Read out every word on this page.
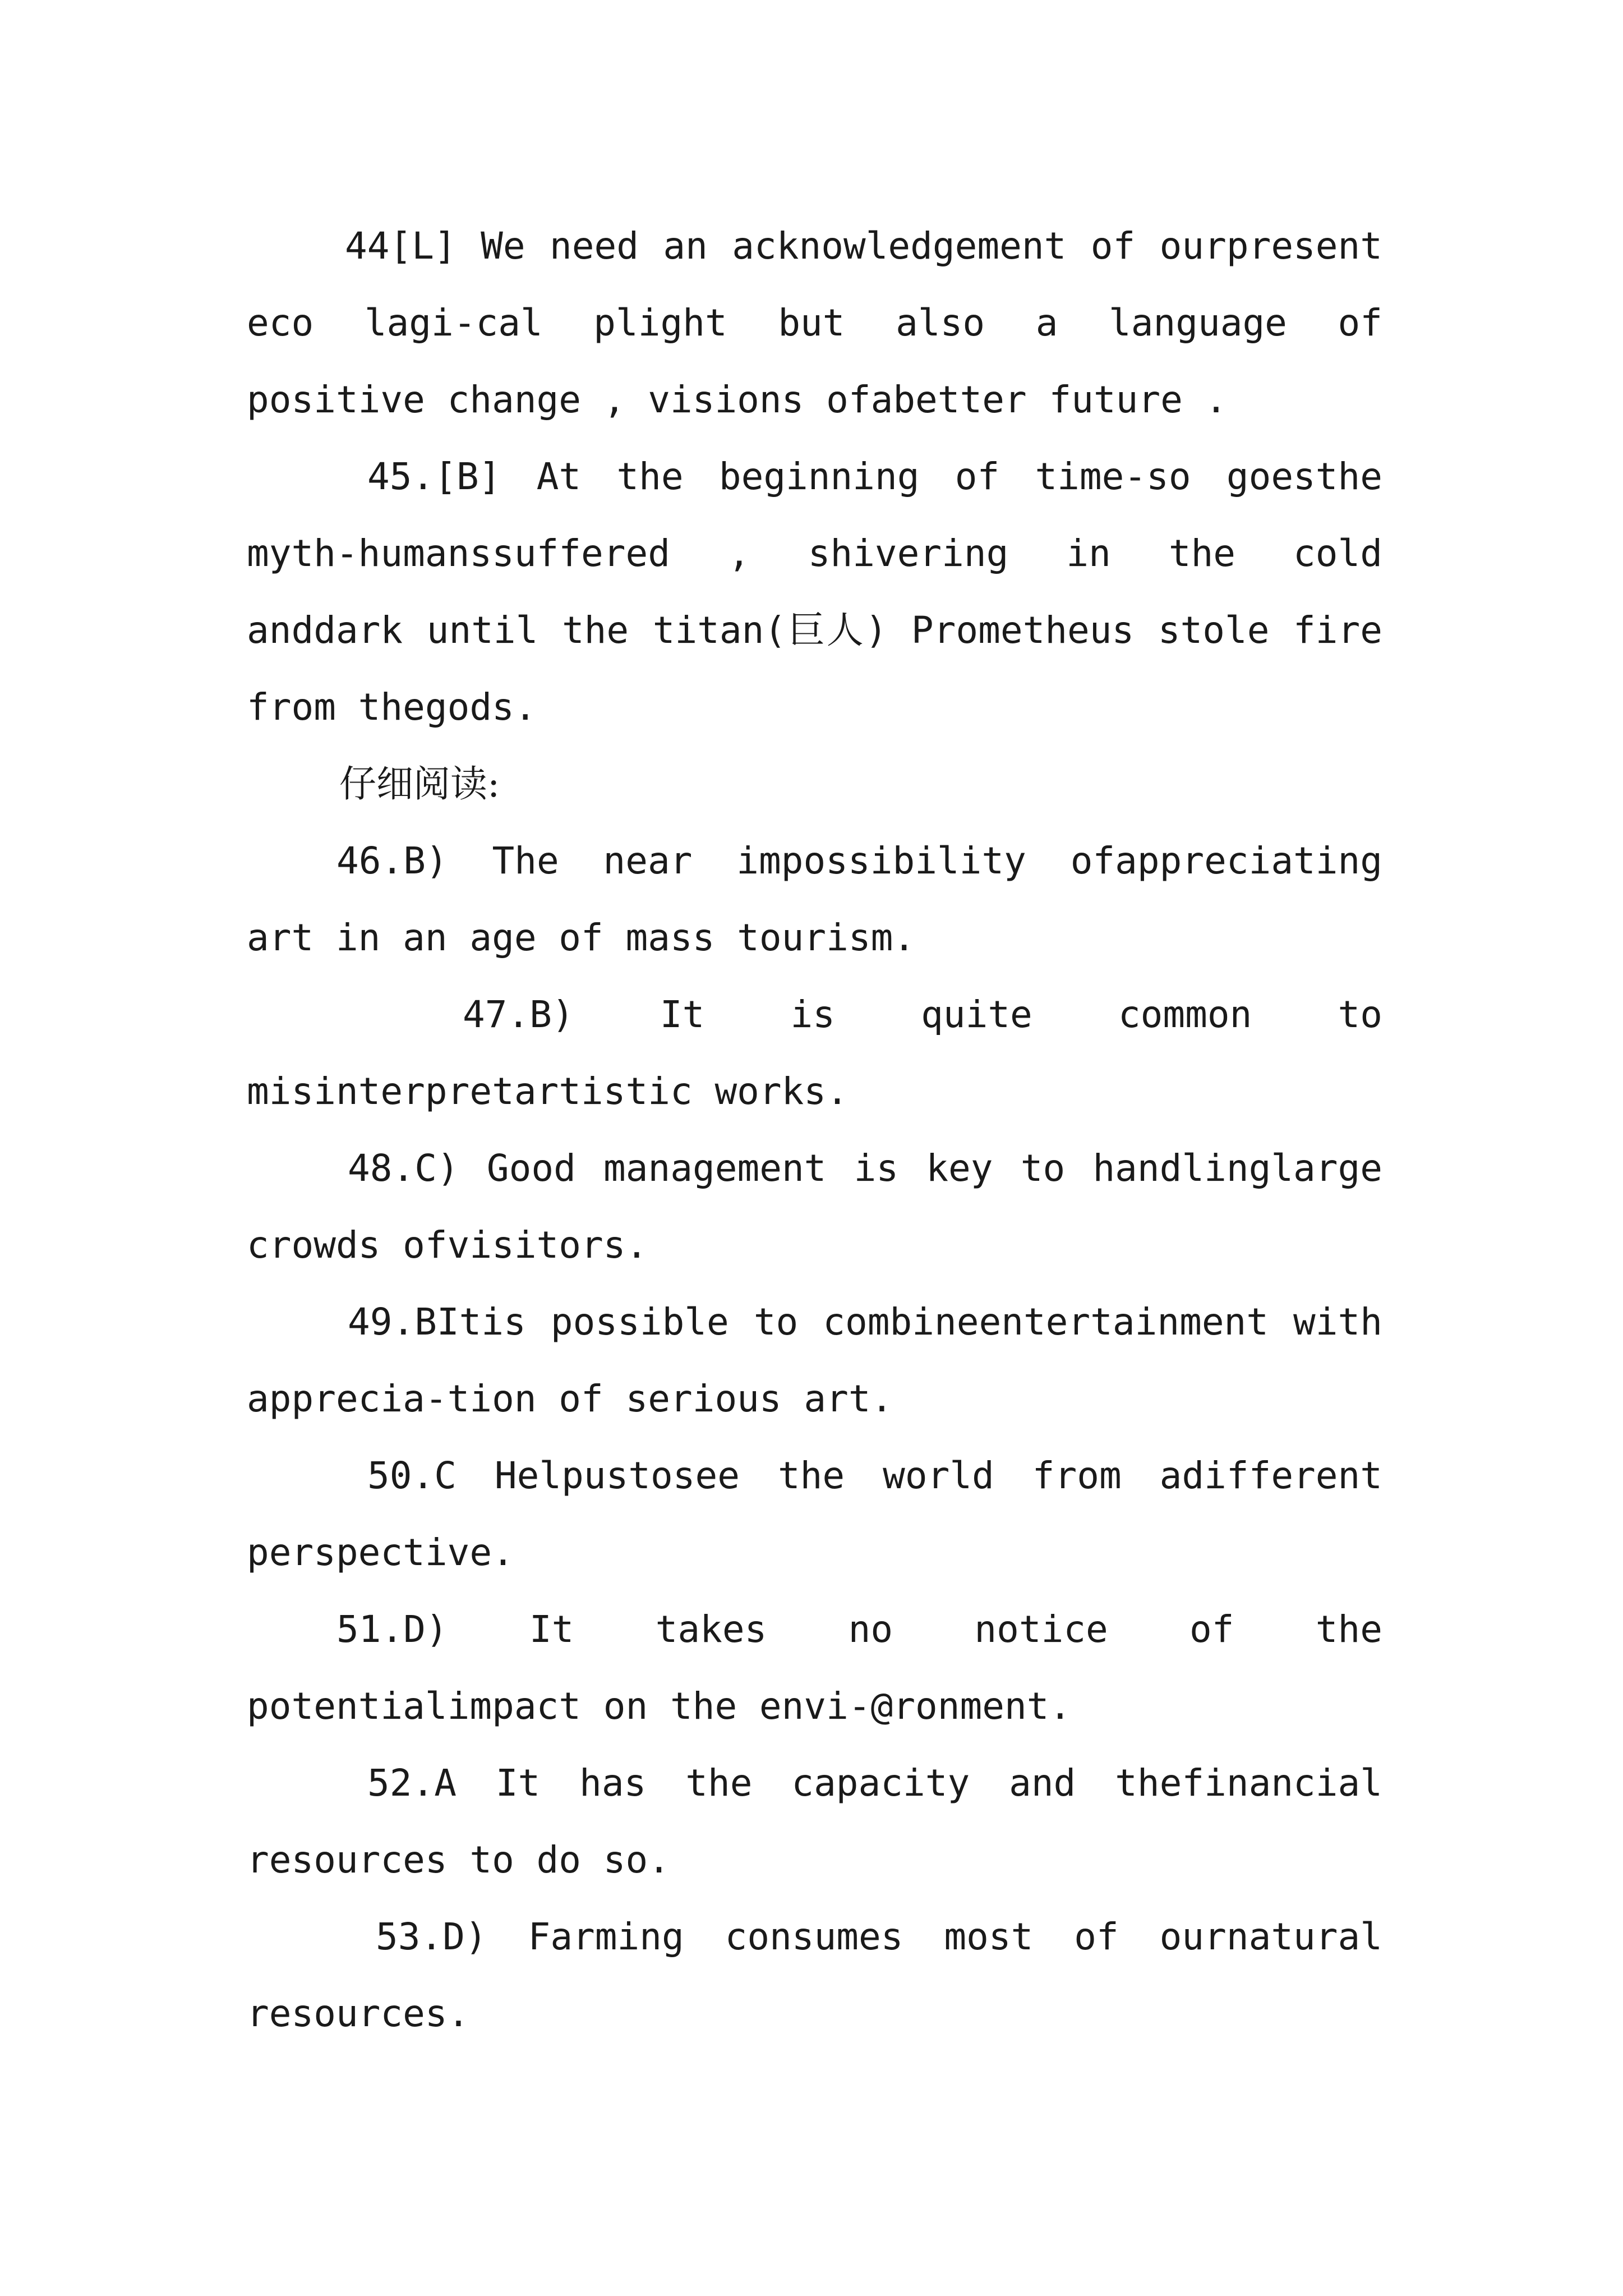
44[L] We need an acknowledgement of ourpresent eco lagi-cal plight but also a language of positive change , visions ofabetter future .

45.[B] At the beginning of time-so goesthe myth-humanssuffered , shivering in the cold anddark until the titan(巨人) Prometheus stole fire from thegods.

仔细阅读:

46.B) The near impossibility ofappreciating art in an age of mass tourism.

47.B) It is quite common to misinterpretartistic works.

48.C) Good management is key to handlinglarge crowds ofvisitors.

49.BItis possible to combineentertainment with apprecia-tion of serious art.

50.C Helpustosee the world from adifferent perspective.

51.D) It takes no notice of the potentialimpact on the envi-@ronment.

52.A It has the capacity and thefinancial resources to do so.

53.D) Farming consumes most of ournatural resources.
